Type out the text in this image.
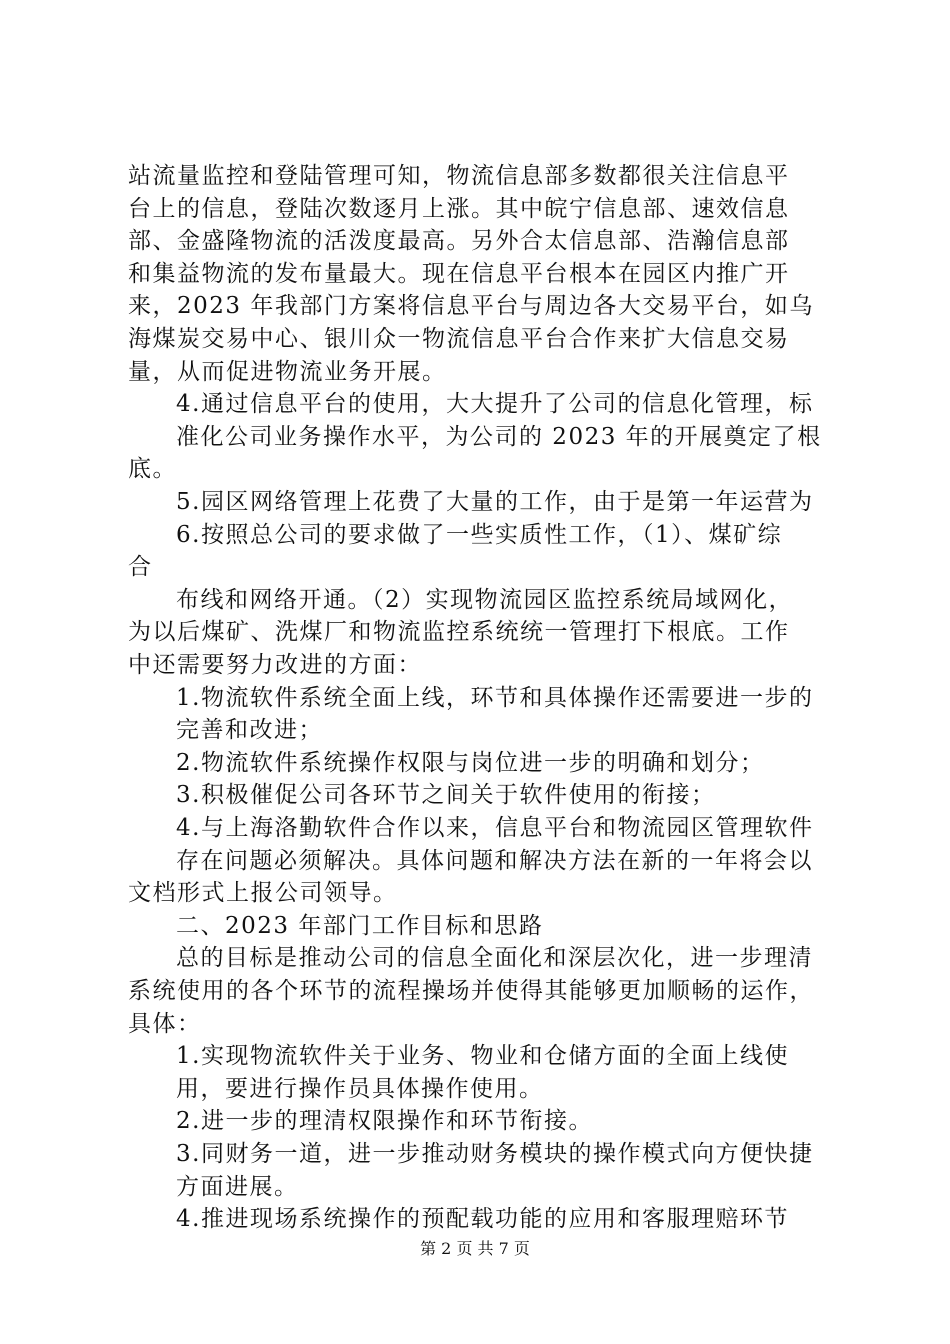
站流量监控和登陆管理可知，物流信息部多数都很关注信息平
台上的信息，登陆次数逐月上涨。其中皖宁信息部、速效信息
部、金盛隆物流的活泼度最高。另外合太信息部、浩瀚信息部
和集益物流的发布量最大。现在信息平台根本在园区内推广开
来，2023 年我部门方案将信息平台与周边各大交易平台，如乌
海煤炭交易中心、银川众一物流信息平台合作来扩大信息交易
量，从而促进物流业务开展。
4.通过信息平台的使用，大大提升了公司的信息化管理，标
准化公司业务操作水平，为公司的 2023 年的开展奠定了根
底。
5.园区网络管理上花费了大量的工作，由于是第一年运营为
6.按照总公司的要求做了一些实质性工作，（1）、煤矿综
合
布线和网络开通。（2）实现物流园区监控系统局域网化，
为以后煤矿、洗煤厂和物流监控系统统一管理打下根底。工作
中还需要努力改进的方面：
1.物流软件系统全面上线，环节和具体操作还需要进一步的
完善和改进；
2.物流软件系统操作权限与岗位进一步的明确和划分；
3.积极催促公司各环节之间关于软件使用的衔接；
4.与上海洛勤软件合作以来，信息平台和物流园区管理软件
存在问题必须解决。具体问题和解决方法在新的一年将会以
文档形式上报公司领导。
二、2023 年部门工作目标和思路
总的目标是推动公司的信息全面化和深层次化，进一步理清
系统使用的各个环节的流程操场并使得其能够更加顺畅的运作，
具体：
1.实现物流软件关于业务、物业和仓储方面的全面上线使
用，要进行操作员具体操作使用。
2.进一步的理清权限操作和环节衔接。
3.同财务一道，进一步推动财务模块的操作模式向方便快捷
方面进展。
第 2 页 共 7 页
4.推进现场系统操作的预配载功能的应用和客服理赔环节
